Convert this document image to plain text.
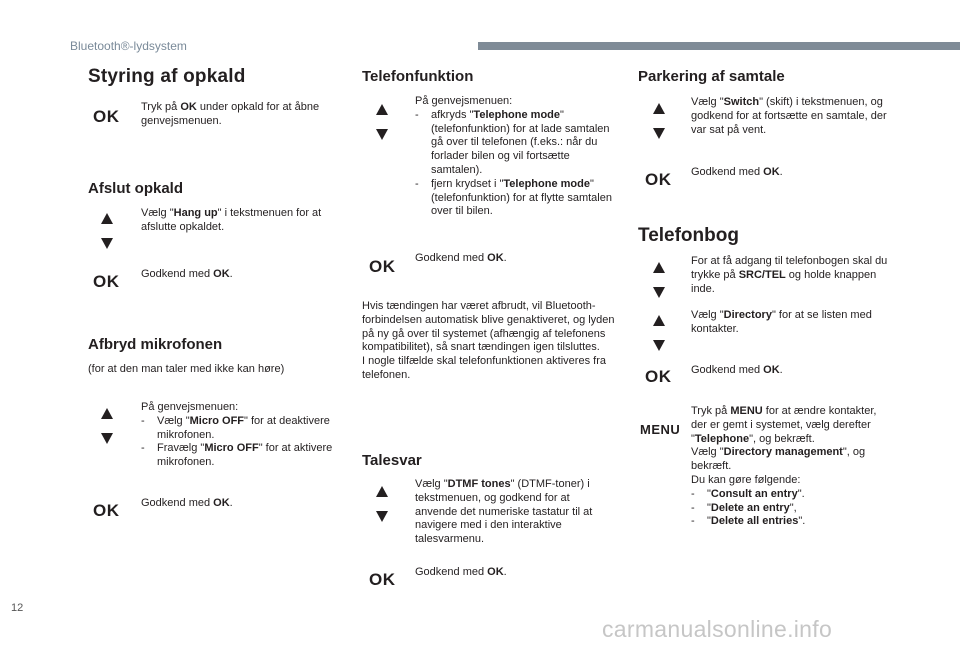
Bluetooth®-lydsystem
Styring af opkald
OK Tryk på OK under opkald for at åbne genvejsmenuen.

Afslut opkald

Vælg "Hang up" i tekstmenuen for at afslutte opkaldet.

OK Godkend med OK.

Afbryd mikrofonen

(for at den man taler med ikke kan høre)

På genvejsmenuen:

- Vælg "Micro OFF" for at deaktivere mikrofonen.

- Fravælg "Micro OFF" for at aktivere mikrofonen.

OK Godkend med OK.

Telefonfunktion

På genvejsmenuen:

- afkryds "Telephone mode" (telefonfunktion) for at lade samtalen gå over til telefonen (f.eks.: når du forlader bilen og vil fortsætte samtalen).

- fjern krydset i "Telephone mode" (telefonfunktion) for at flytte samtalen over til bilen.

OK Godkend med OK.

Hvis tændingen har været afbrudt, vil Bluetooth-forbindelsen automatisk blive genaktiveret, og lyden på ny gå over til systemet (afhængig af telefonens kompatibilitet), så snart tændingen igen tilsluttes.

I nogle tilfælde skal telefonfunktionen aktiveres fra telefonen.

Talesvar

Vælg "DTMF tones" (DTMF-toner) i tekstmenuen, og godkend for at anvende det numeriske tastatur til at navigere med i den interaktive talesvarmenu.

OK Godkend med OK.

Parkering af samtale

Vælg "Switch" (skift) i tekstmenuen, og godkend for at fortsætte en samtale, der var sat på vent.

OK Godkend med OK.

Telefonbog

For at få adgang til telefonbogen skal du trykke på SRC/TEL og holde knappen inde.

Vælg "Directory" for at se listen med kontakter.

OK Godkend med OK.

MENU

Tryk på MENU for at ændre kontakter, der er gemt i systemet, vælg derefter "Telephone", og bekræft.

Vælg "Directory management", og bekræft.

Du kan gøre følgende:

- "Consult an entry".

- "Delete an entry",

- "Delete all entries".

12
carmanualsonline.info
